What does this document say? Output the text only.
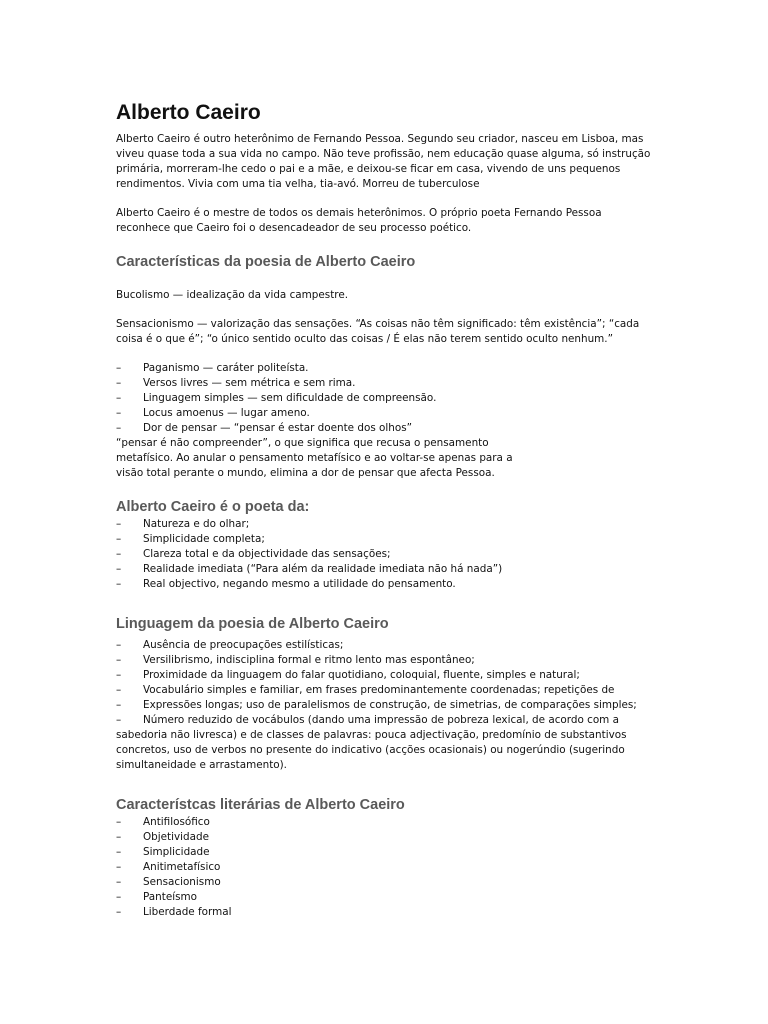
Alberto Caeiro

Alberto Caeiro é outro heterônimo de Fernando Pessoa. Segundo seu criador, nasceu em Lisboa, mas viveu quase toda a sua vida no campo. Não teve profissão, nem educação quase alguma, só instrução primária, morreram-lhe cedo o pai e a mãe, e deixou-se ficar em casa, vivendo de uns pequenos rendimentos. Vivia com uma tia velha, tia-avó. Morreu de tuberculose

Alberto Caeiro é o mestre de todos os demais heterônimos. O próprio poeta Fernando Pessoa reconhece que Caeiro foi o desencadeador de seu processo poético.

Características da poesia de Alberto Caeiro

Bucolismo — idealização da vida campestre.

Sensacionismo — valorização das sensações. “As coisas não têm significado: têm existência”; “cada coisa é o que é”; “o único sentido oculto das coisas / É elas não terem sentido oculto nenhum.”

– Paganismo — caráter politeísta.
– Versos livres — sem métrica e sem rima.
– Linguagem simples — sem dificuldade de compreensão.
– Locus amoenus — lugar ameno.
– Dor de pensar — “pensar é estar doente dos olhos”

“pensar é não compreender”, o que significa que recusa o pensamento metafísico. Ao anular o pensamento metafísico e ao voltar-se apenas para a visão total perante o mundo, elimina a dor de pensar que afecta Pessoa.

Alberto Caeiro é o poeta da:
– Natureza e do olhar;
– Simplicidade completa;
– Clareza total e da objectividade das sensações;
– Realidade imediata (“Para além da realidade imediata não há nada”)
– Real objectivo, negando mesmo a utilidade do pensamento.
Linguagem da poesia de Alberto Caeiro
– Ausência de preocupações estilísticas;
– Versilibrismo, indisciplina formal e ritmo lento mas espontâneo;
– Proximidade da linguagem do falar quotidiano, coloquial, fluente, simples e natural;
– Vocabulário simples e familiar, em frases predominantemente coordenadas; repetições de
– Expressões longas; uso de paralelismos de construção, de simetrias, de comparações simples;
– Número reduzido de vocábulos (dando uma impressão de pobreza lexical, de acordo com a

sabedoria não livresca) e de classes de palavras: pouca adjectivação, predomínio de substantivos concretos, uso de verbos no presente do indicativo (acções ocasionais) ou nogerúndio (sugerindo simultaneidade e arrastamento).

Característcas literárias de Alberto Caeiro
– Antifilosófico
– Objetividade
– Simplicidade
– Anitimetafísico
– Sensacionismo
– Panteísmo
– Liberdade formal
